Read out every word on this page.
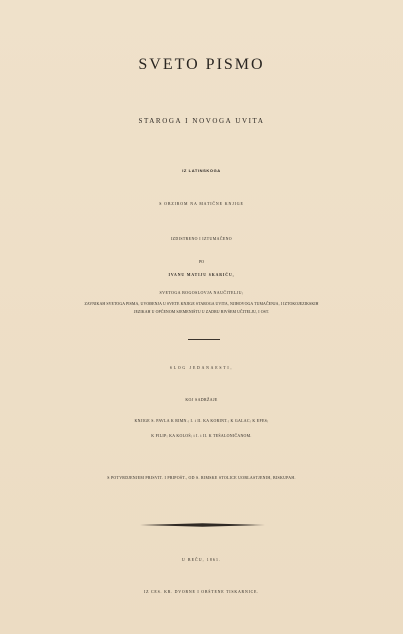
SVETO PISMO
STAROGA I NOVOGA UVITA
IZ LATINSKOGA
S OBZIROM NA MATIČNE KNJIGE
IZDISTRENO I IZTUMAČENO
PO
IVANU MATIJU SKARIĆU,
SVETOGA BOGOSLOVJA NAUČITELJU;
ZAVNIKAH SVETOGA PISMA, UVOĐENJA U SVETE KNJIGE STAROGA UVITA, NJIHOVOGA TUMAČENJA, I IZTOKOJEZIKSKIH
JEZIKAH U OPĆENOM SJEMENIŠTU U ZADRU BIVŠEM UČITELJU, I OST.
SLOG JEDANAESTI,
KOJ SADRŽAJE
KNJIGE S. PAVLA K RIMN.; I. i II. KA KORINT.; K GALAC; K EFES;
K FILIP; KA KOLOŠ; i I. i II. K TEŠALONIČANOM.
S POTVRDJENJEM PRISVIT. I PRIPOŠT., OD S. RIMSKE STOLICE UOBLASTJENIH, BISKUPAH.
U BEČU, 1861.
IZ CES. KR. DVORNE I OBŠTENE TISKARNICE.
